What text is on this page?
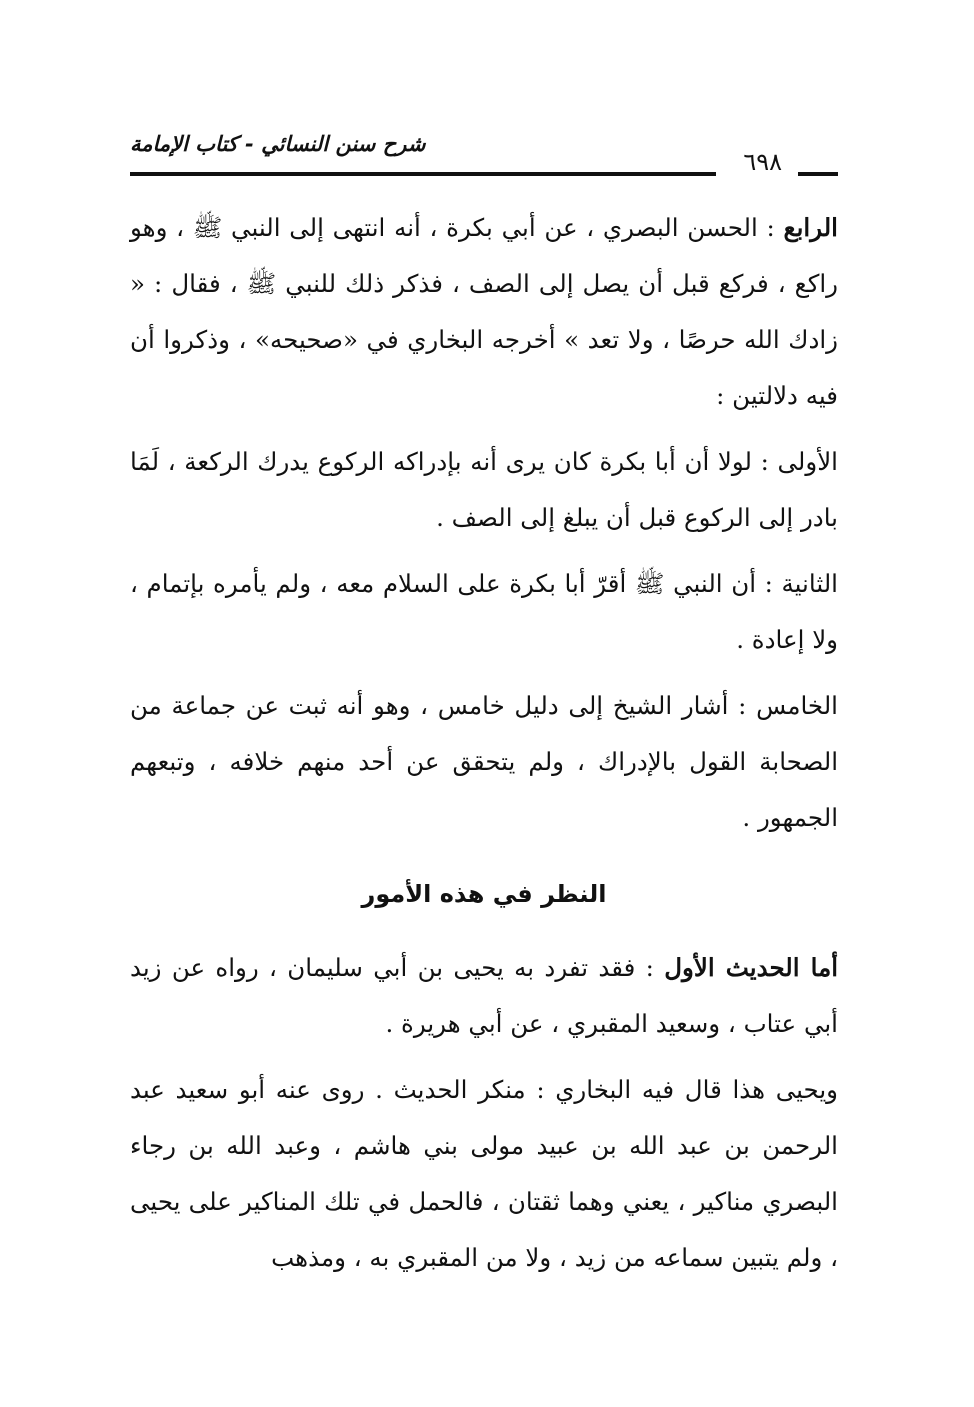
شرح سنن النسائي - كتاب الإمامة
٦٩٨

الرابع : الحسن البصري ، عن أبي بكرة ، أنه انتهى إلى النبي ﷺ ، وهو راكع ، فركع قبل أن يصل إلى الصف ، فذكر ذلك للنبي ﷺ ، فقال : « زادك الله حرصًا ، ولا تعد » أخرجه البخاري في «صحيحه» ، وذكروا أن فيه دلالتين :

الأولى : لولا أن أبا بكرة كان يرى أنه بإدراكه الركوع يدرك الركعة ، لَمَا بادر إلى الركوع قبل أن يبلغ إلى الصف .

الثانية : أن النبي ﷺ أقرّ أبا بكرة على السلام معه ، ولم يأمره بإتمام ، ولا إعادة .

الخامس : أشار الشيخ إلى دليل خامس ، وهو أنه ثبت عن جماعة من الصحابة القول بالإدراك ، ولم يتحقق عن أحد منهم خلافه ، وتبعهم الجمهور .

النظر في هذه الأمور

أما الحديث الأول : فقد تفرد به يحيى بن أبي سليمان ، رواه عن زيد أبي عتاب ، وسعيد المقبري ، عن أبي هريرة .

ويحيى هذا قال فيه البخاري : منكر الحديث . روى عنه أبو سعيد عبد الرحمن بن عبد الله بن عبيد مولى بني هاشم ، وعبد الله بن رجاء البصري مناكير ، يعني وهما ثقتان ، فالحمل في تلك المناكير على يحيى ، ولم يتبين سماعه من زيد ، ولا من المقبري به ، ومذهب
